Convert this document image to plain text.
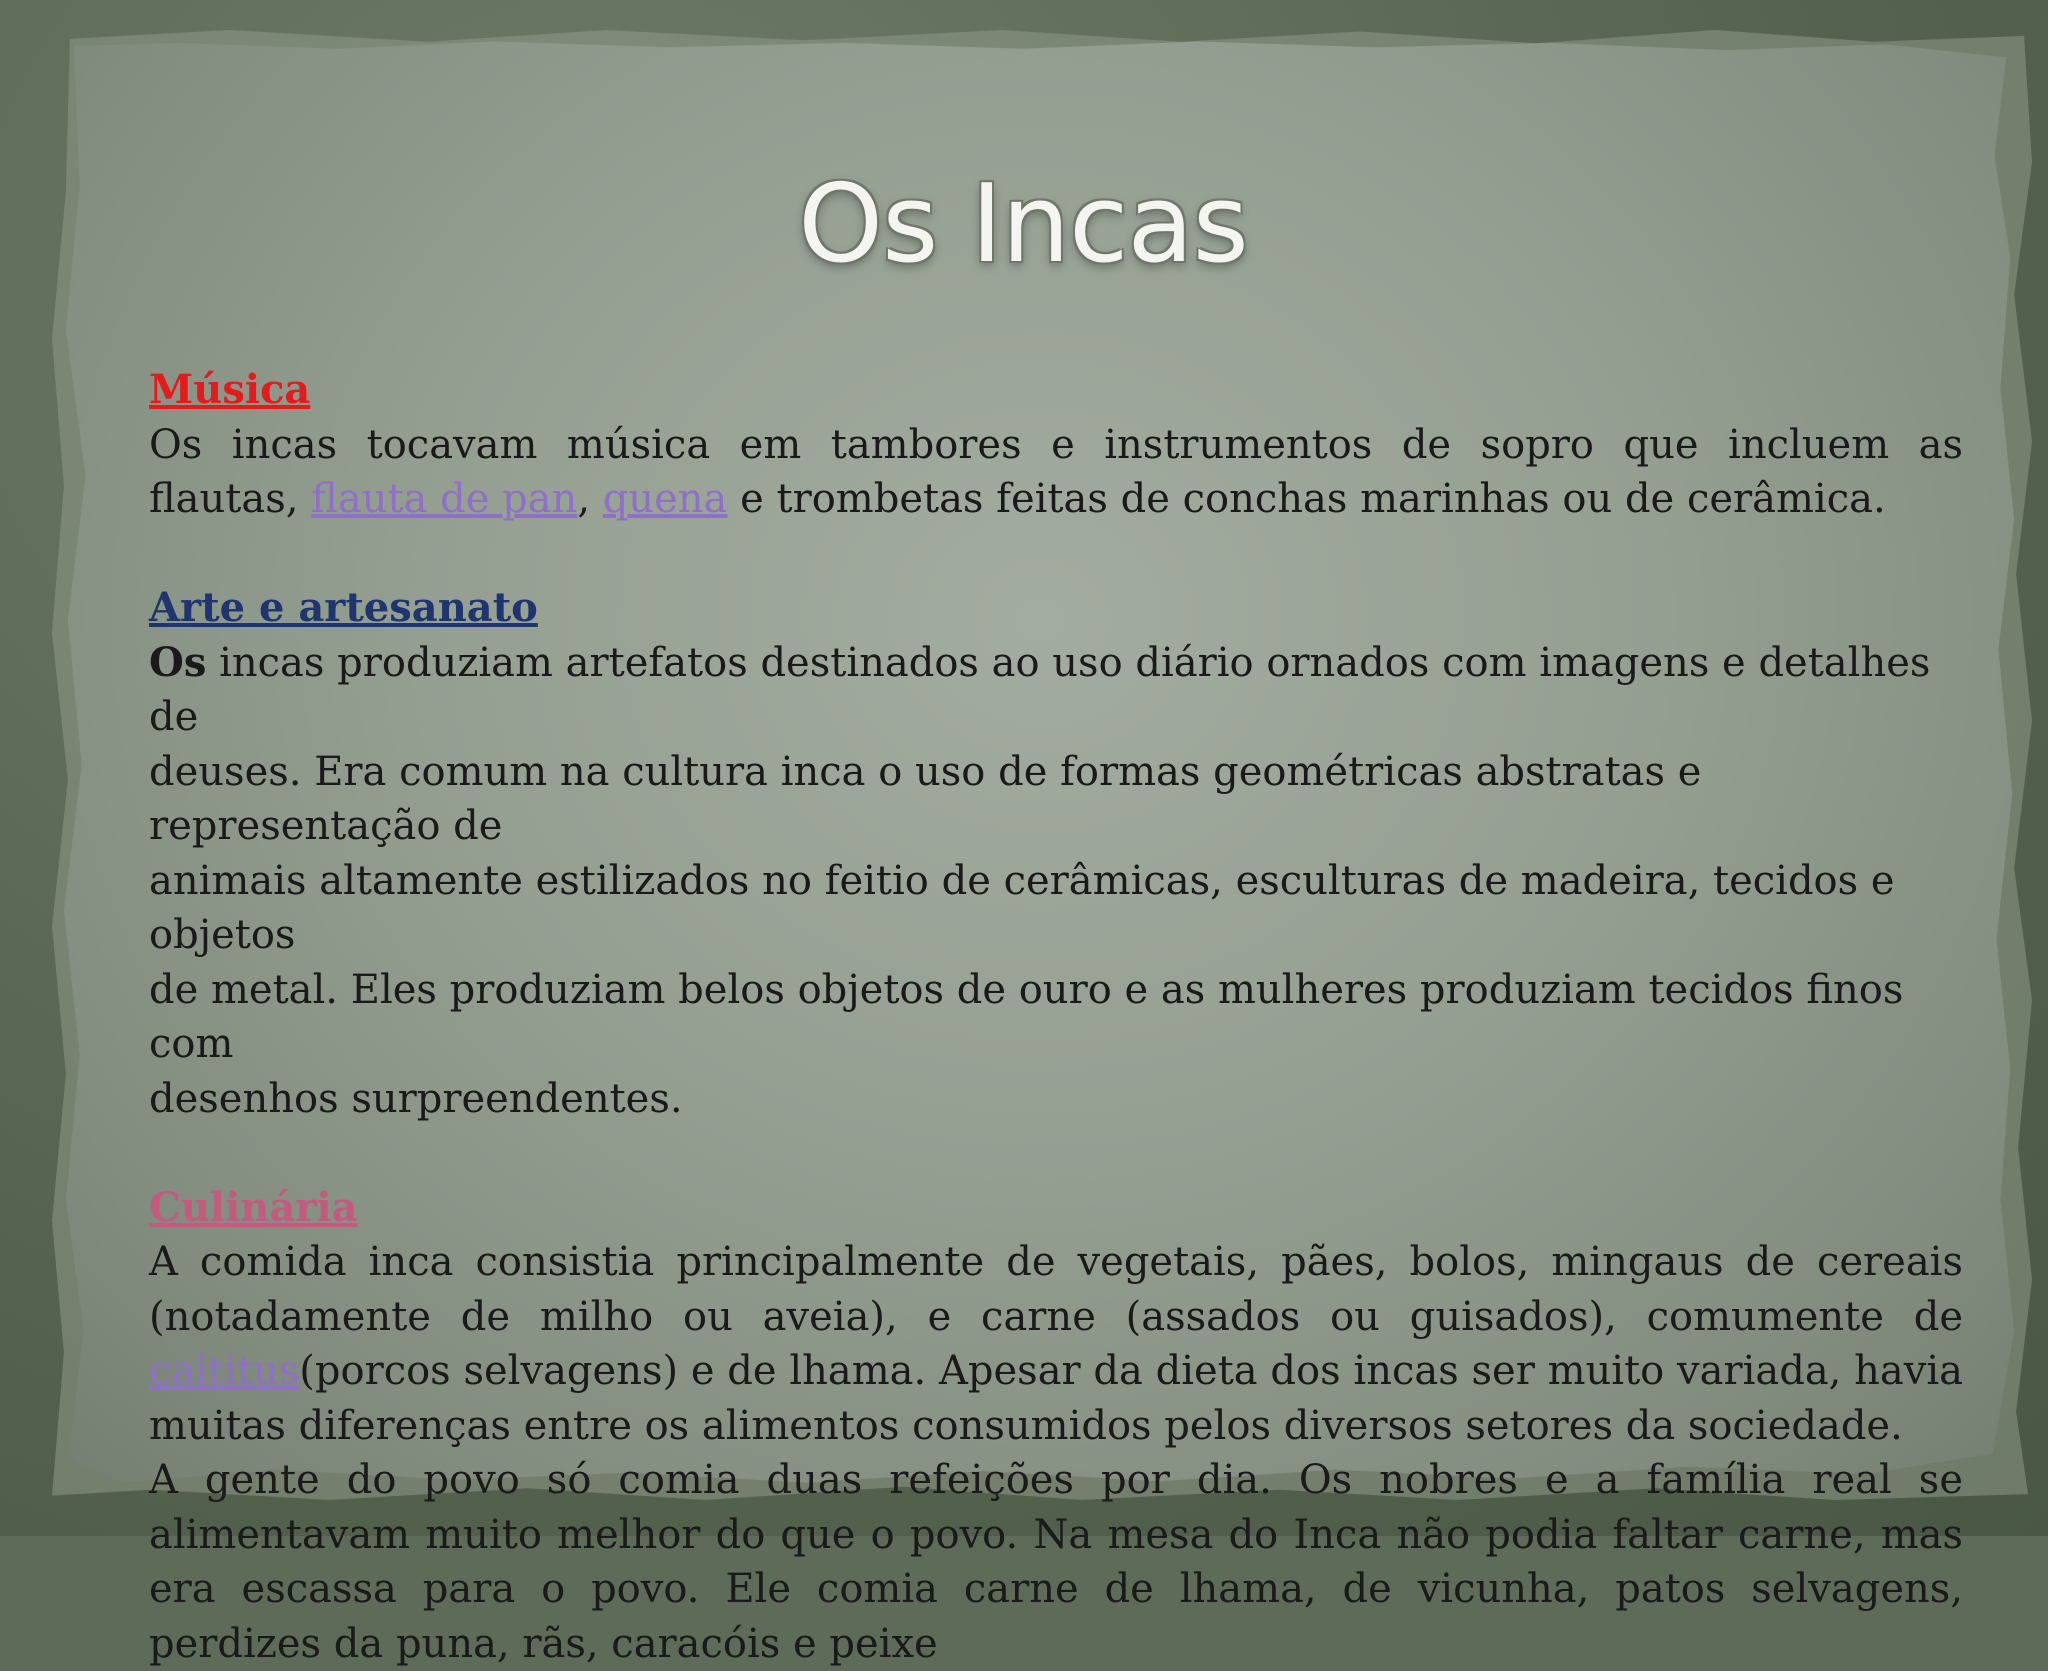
Os Incas

Música

Os incas tocavam música em tambores e instrumentos de sopro que incluem as

flautas, flauta de pan, quena e trombetas feitas de conchas marinhas ou de cerâmica.

Arte e artesanato

Os incas produziam artefatos destinados ao uso diário ornados com imagens e detalhes de

deuses. Era comum na cultura inca o uso de formas geométricas abstratas e representação de

animais altamente estilizados no feitio de cerâmicas, esculturas de madeira, tecidos e objetos

de metal. Eles produziam belos objetos de ouro e as mulheres produziam tecidos finos com

desenhos surpreendentes.

Culinária

A comida inca consistia principalmente de vegetais, pães, bolos, mingaus de cereais (notadamente de milho ou aveia), e carne (assados ou guisados), comumente de caititus(porcos selvagens) e de lhama. Apesar da dieta dos incas ser muito variada, havia muitas diferenças entre os alimentos consumidos pelos diversos setores da sociedade.

A gente do povo só comia duas refeições por dia. Os nobres e a família real se alimentavam muito melhor do que o povo. Na mesa do Inca não podia faltar carne, mas era escassa para o povo. Ele comia carne de lhama, de vicunha, patos selvagens, perdizes da puna, rãs, caracóis e peixe
